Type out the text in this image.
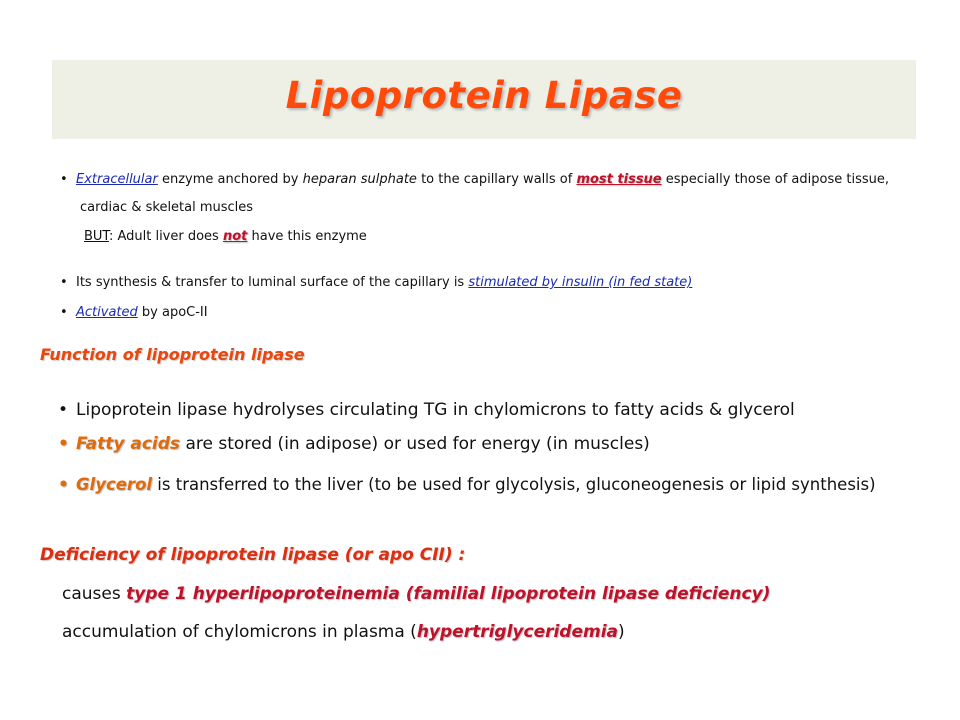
Lipoprotein Lipase
• Extracellular enzyme anchored by heparan sulphate to the capillary walls of most tissue especially those of adipose tissue,
cardiac & skeletal muscles
BUT: Adult liver does not have this enzyme
• Its synthesis & transfer to luminal surface of the capillary is stimulated by insulin (in fed state)
• Activated by apoC-II
Function of lipoprotein lipase
• Lipoprotein lipase hydrolyses circulating TG in chylomicrons to fatty acids & glycerol
• Fatty acids are stored (in adipose) or used for energy (in muscles)
• Glycerol is transferred to the liver (to be used for glycolysis, gluconeogenesis or lipid synthesis)
Deficiency of lipoprotein lipase (or apo CII) :
causes type 1 hyperlipoproteinemia (familial lipoprotein lipase deficiency)
accumulation of chylomicrons in plasma (hypertriglyceridemia)
